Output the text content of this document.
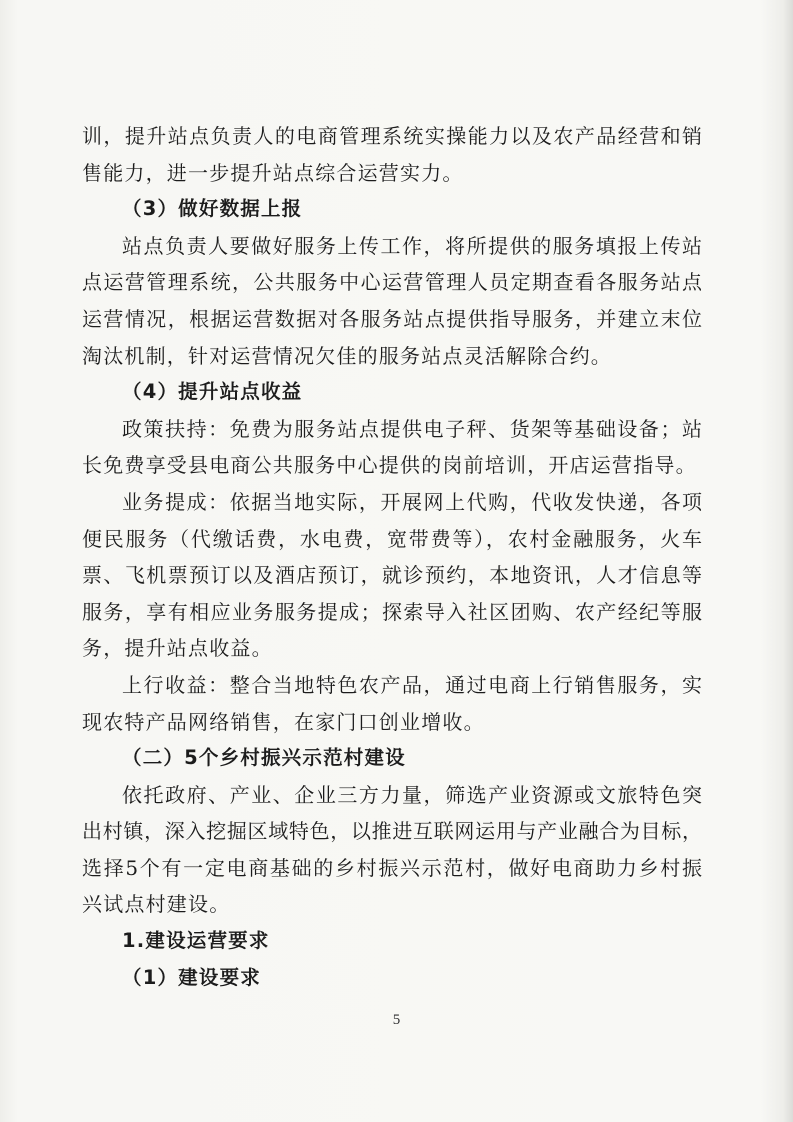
训，提升站点负责人的电商管理系统实操能力以及农产品经营和销
售能力，进一步提升站点综合运营实力。
（3）做好数据上报
站点负责人要做好服务上传工作，将所提供的服务填报上传站
点运营管理系统，公共服务中心运营管理人员定期查看各服务站点
运营情况，根据运营数据对各服务站点提供指导服务，并建立末位
淘汰机制，针对运营情况欠佳的服务站点灵活解除合约。
（4）提升站点收益
政策扶持：免费为服务站点提供电子秤、货架等基础设备；站
长免费享受县电商公共服务中心提供的岗前培训，开店运营指导。
业务提成：依据当地实际，开展网上代购，代收发快递，各项
便民服务（代缴话费，水电费，宽带费等），农村金融服务，火车
票、飞机票预订以及酒店预订，就诊预约，本地资讯，人才信息等
服务，享有相应业务服务提成；探索导入社区团购、农产经纪等服
务，提升站点收益。
上行收益：整合当地特色农产品，通过电商上行销售服务，实
现农特产品网络销售，在家门口创业增收。
（二）5个乡村振兴示范村建设
依托政府、产业、企业三方力量，筛选产业资源或文旅特色突
出村镇，深入挖掘区域特色，以推进互联网运用与产业融合为目标，
选择5个有一定电商基础的乡村振兴示范村，做好电商助力乡村振
兴试点村建设。
1.建设运营要求
（1）建设要求
5
